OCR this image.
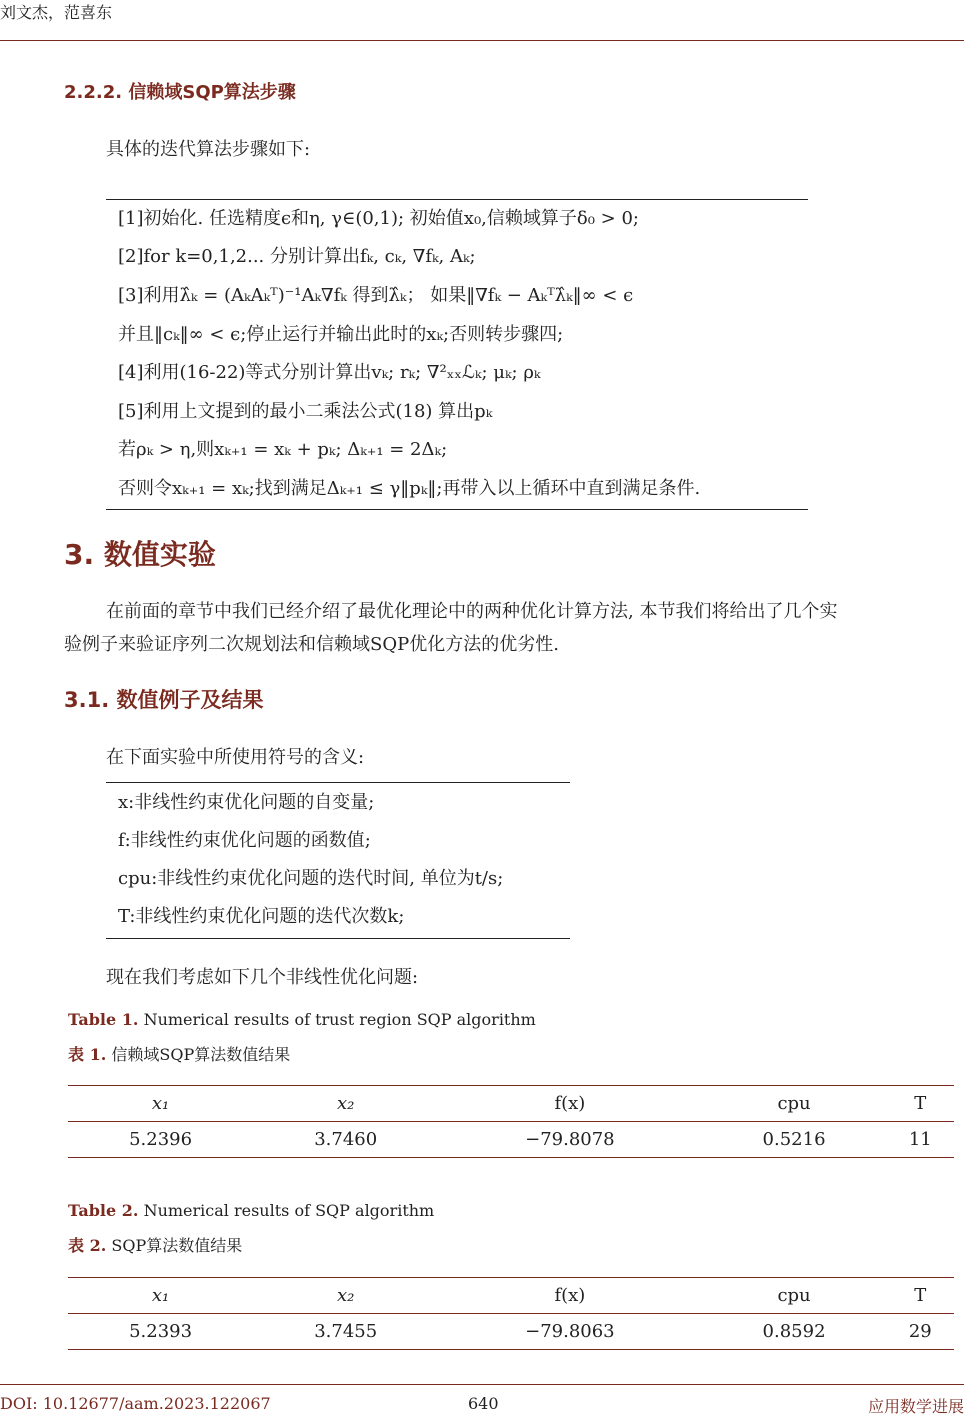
刘文杰，范喜东
2.2.2. 信赖域SQP算法步骤
具体的迭代算法步骤如下:
[1]初始化. 任选精度ϵ和η, γ∈(0,1); 初始值x₀,信赖域算子δ₀ > 0;
[2]for k=0,1,2... 分别计算出fₖ, cₖ, ∇fₖ, Aₖ;
[3]利用λ̂ₖ = (AₖAₖᵀ)⁻¹Aₖ∇fₖ 得到λ̂ₖ； 如果‖∇fₖ − Aₖᵀλ̂ₖ‖∞ < ϵ
并且‖cₖ‖∞ < ϵ;停止运行并输出此时的xₖ;否则转步骤四;
[4]利用(16-22)等式分别计算出vₖ; rₖ; ∇²ₓₓℒₖ; μₖ; ρₖ
[5]利用上文提到的最小二乘法公式(18) 算出pₖ
若ρₖ > η,则xₖ₊₁ = xₖ + pₖ; Δₖ₊₁ = 2Δₖ;
否则令xₖ₊₁ = xₖ;找到满足Δₖ₊₁ ≤ γ‖pₖ‖;再带入以上循环中直到满足条件.
3. 数值实验
在前面的章节中我们已经介绍了最优化理论中的两种优化计算方法, 本节我们将给出了几个实
验例子来验证序列二次规划法和信赖域SQP优化方法的优劣性.
3.1. 数值例子及结果
在下面实验中所使用符号的含义:
x:非线性约束优化问题的自变量;
f:非线性约束优化问题的函数值;
cpu:非线性约束优化问题的迭代时间, 单位为t/s;
T:非线性约束优化问题的迭代次数k;
现在我们考虑如下几个非线性优化问题:
Table 1. Numerical results of trust region SQP algorithm
表 1. 信赖域SQP算法数值结果
x₁	x₂	f(x)	cpu	T
5.2396	3.7460	−79.8078	0.5216	11
Table 2. Numerical results of SQP algorithm
表 2. SQP算法数值结果
x₁	x₂	f(x)	cpu	T
5.2393	3.7455	−79.8063	0.8592	29
DOI: 10.12677/aam.2023.122067	640	应用数学进展
